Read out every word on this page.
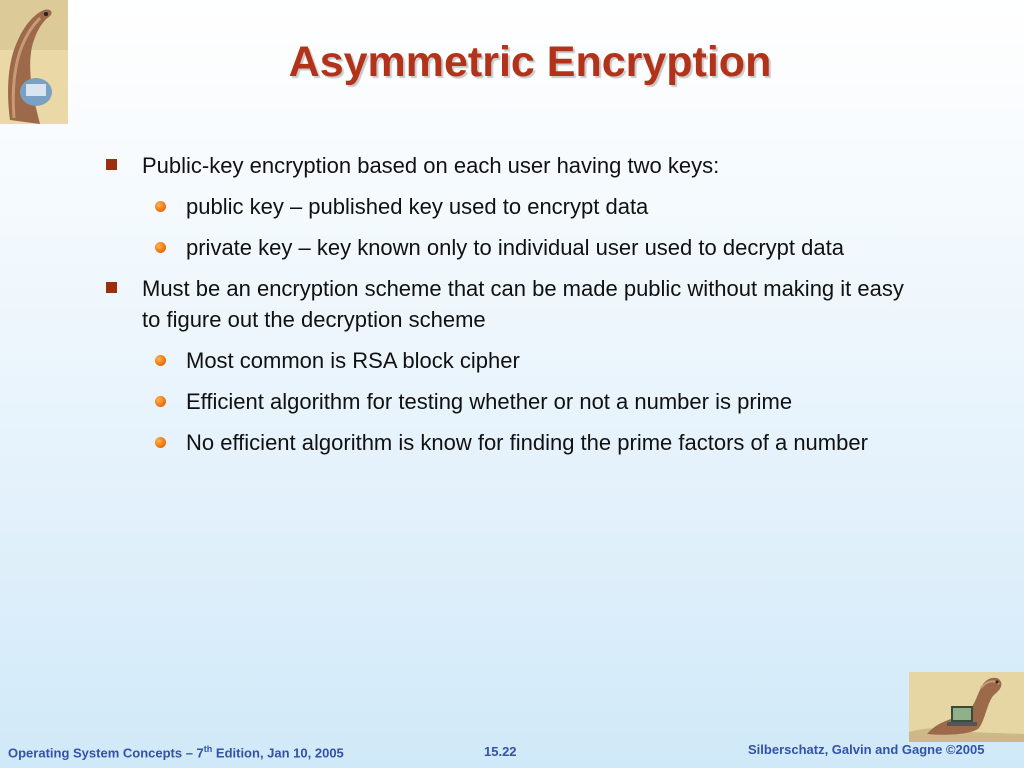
Asymmetric Encryption
Public-key encryption based on each user having two keys:
public key – published key used to encrypt data
private key – key known only to individual user used to decrypt data
Must be an encryption scheme that can be made public without making it easy to figure out the decryption scheme
Most common is RSA block cipher
Efficient algorithm for testing whether or not a number is prime
No efficient algorithm is know for finding the prime factors of a number
Operating System Concepts – 7th Edition, Jan 10, 2005	15.22	Silberschatz, Galvin and Gagne ©2005
